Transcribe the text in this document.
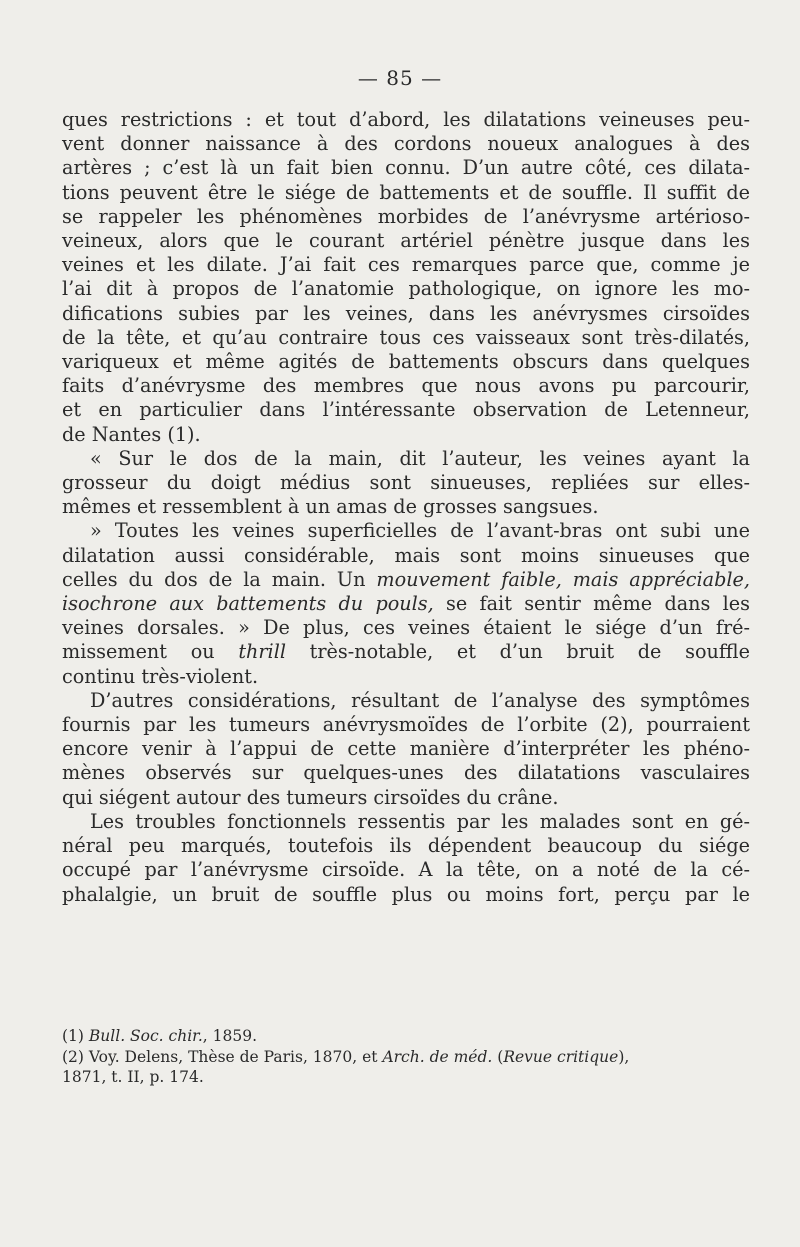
— 85 —
ques restrictions : et tout d’abord, les dilatations veineuses peu-
vent donner naissance à des cordons noueux analogues à des
artères ; c’est là un fait bien connu. D’un autre côté, ces dilata-
tions peuvent être le siége de battements et de souffle. Il suffit de
se rappeler les phénomènes morbides de l’anévrysme artérioso-
veineux, alors que le courant artériel pénètre jusque dans les
veines et les dilate. J’ai fait ces remarques parce que, comme je
l’ai dit à propos de l’anatomie pathologique, on ignore les mo-
difications subies par les veines, dans les anévrysmes cirsoïdes
de la tête, et qu’au contraire tous ces vaisseaux sont très-dilatés,
variqueux et même agités de battements obscurs dans quelques
faits d’anévrysme des membres que nous avons pu parcourir,
et en particulier dans l’intéressante observation de Letenneur,
de Nantes (1).
« Sur le dos de la main, dit l’auteur, les veines ayant la
grosseur du doigt médius sont sinueuses, repliées sur elles-
mêmes et ressemblent à un amas de grosses sangsues.
» Toutes les veines superficielles de l’avant-bras ont subi une
dilatation aussi considérable, mais sont moins sinueuses que
celles du dos de la main. Un mouvement faible, mais appréciable,
isochrone aux battements du pouls, se fait sentir même dans les
veines dorsales. » De plus, ces veines étaient le siége d’un fré-
missement ou thrill très-notable, et d’un bruit de souffle
continu très-violent.
D’autres considérations, résultant de l’analyse des symptômes
fournis par les tumeurs anévrysmoïdes de l’orbite (2), pourraient
encore venir à l’appui de cette manière d’interpréter les phéno-
mènes observés sur quelques-unes des dilatations vasculaires
qui siégent autour des tumeurs cirsoïdes du crâne.
Les troubles fonctionnels ressentis par les malades sont en gé-
néral peu marqués, toutefois ils dépendent beaucoup du siége
occupé par l’anévrysme cirsoïde. A la tête, on a noté de la cé-
phalalgie, un bruit de souffle plus ou moins fort, perçu par le
(1) Bull. Soc. chir., 1859.
(2) Voy. Delens, Thèse de Paris, 1870, et Arch. de méd. (Revue critique),
1871, t. II, p. 174.
